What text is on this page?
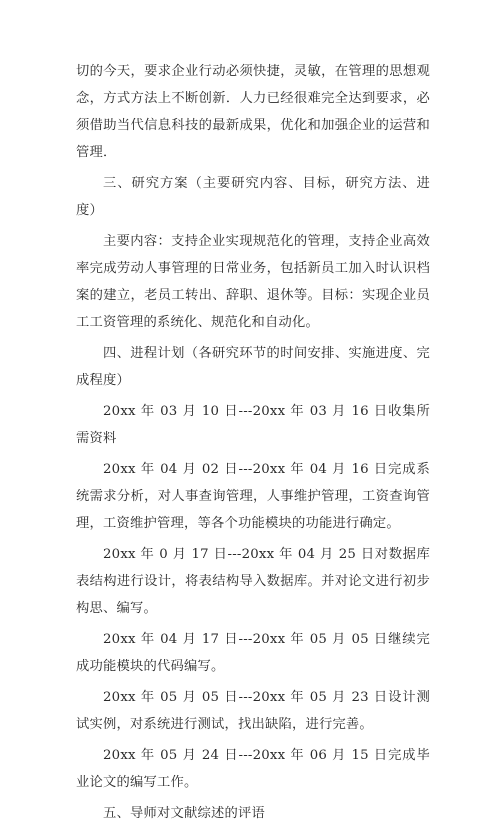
切的今天，要求企业行动必须快捷，灵敏，在管理的思想观念，方式方法上不断创新．人力已经很难完全达到要求，必须借助当代信息科技的最新成果，优化和加强企业的运营和管理．

三、研究方案（主要研究内容、目标，研究方法、进度）

主要内容：支持企业实现规范化的管理，支持企业高效率完成劳动人事管理的日常业务，包括新员工加入时认识档案的建立，老员工转出、辞职、退休等。目标：实现企业员工工资管理的系统化、规范化和自动化。

四、进程计划（各研究环节的时间安排、实施进度、完成程度）

20xx 年 03 月 10 日---20xx 年 03 月 16 日收集所需资料

20xx 年 04 月 02 日---20xx 年 04 月 16 日完成系统需求分析，对人事查询管理，人事维护管理，工资查询管理，工资维护管理，等各个功能模块的功能进行确定。

20xx 年 0 月 17 日---20xx 年 04 月 25 日对数据库表结构进行设计，将表结构导入数据库。并对论文进行初步构思、编写。

20xx 年 04 月 17 日---20xx 年 05 月 05 日继续完成功能模块的代码编写。

20xx 年 05 月 05 日---20xx 年 05 月 23 日设计测试实例，对系统进行测试，找出缺陷，进行完善。

20xx 年 05 月 24 日---20xx 年 06 月 15 日完成毕业论文的编写工作。

五、导师对文献综述的评语
